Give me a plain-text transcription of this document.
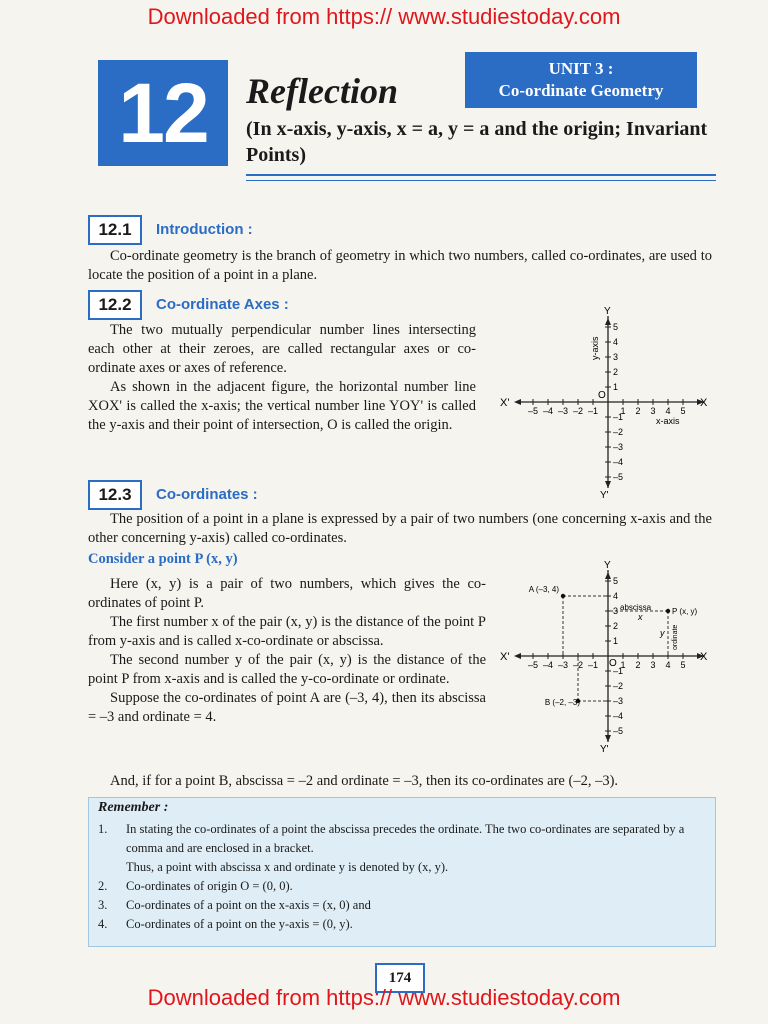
Downloaded from https:// www.studiestoday.com
12	Reflection
UNIT 3 :
Co-ordinate Geometry
(In x-axis, y-axis, x = a, y = a and the origin; Invariant Points)
12.1	Introduction :
Co-ordinate geometry is the branch of geometry in which two numbers, called co-ordinates, are used to locate the position of a point in a plane.
12.2	Co-ordinate Axes :

The two mutually perpendicular number lines intersecting each other at their zeroes, are called rectangular axes or co-ordinate axes or axes of reference.

As shown in the adjacent figure, the horizontal number line XOX' is called the x-axis; the vertical number line YOY' is called the y-axis and their point of intersection, O is called the origin.

–5 –4 –3 –2 –1 1 2 3 4 5
5
4
3
2
1
–1
–2
–3
–4
–5
X'	X
Y
Y'
O
x-axis
y-axis
12.3	Co-ordinates :
The position of a point in a plane is expressed by a pair of two numbers (one concerning x-axis and the other concerning y-axis) called co-ordinates.
Consider a point P (x, y)

Here (x, y) is a pair of two numbers, which gives the co-ordinates of point P.

The first number x of the pair (x, y) is the distance of the point P from y-axis and is called x-co-ordinate or abscissa.

The second number y of the pair (x, y) is the distance of the point P from x-axis and is called the y-co-ordinate or ordinate.

Suppose the co-ordinates of point A are (–3, 4), then its abscissa = –3 and ordinate = 4.

And, if for a point B, abscissa = –2 and ordinate = –3, then its co-ordinates are (–2, –3).
–5 –4 –3 –2 –1 1 2 3 4 5
5
4
3
2
1
–1
–2
–3
–4
–5
A (–3, 4)
P (x, y)
B (–2, –3)
X'	X
Y
Y'
O
abscissa
x
y ordinate
Remember :
1.	In stating the co-ordinates of a point the abscissa precedes the ordinate. The two co-ordinates are separated by a comma and are enclosed in a bracket.
Thus, a point with abscissa x and ordinate y is denoted by (x, y).
2.	Co-ordinates of origin O = (0, 0).
3.	Co-ordinates of a point on the x-axis = (x, 0) and
4.	Co-ordinates of a point on the y-axis = (0, y).
174
Downloaded from https:// www.studiestoday.com
